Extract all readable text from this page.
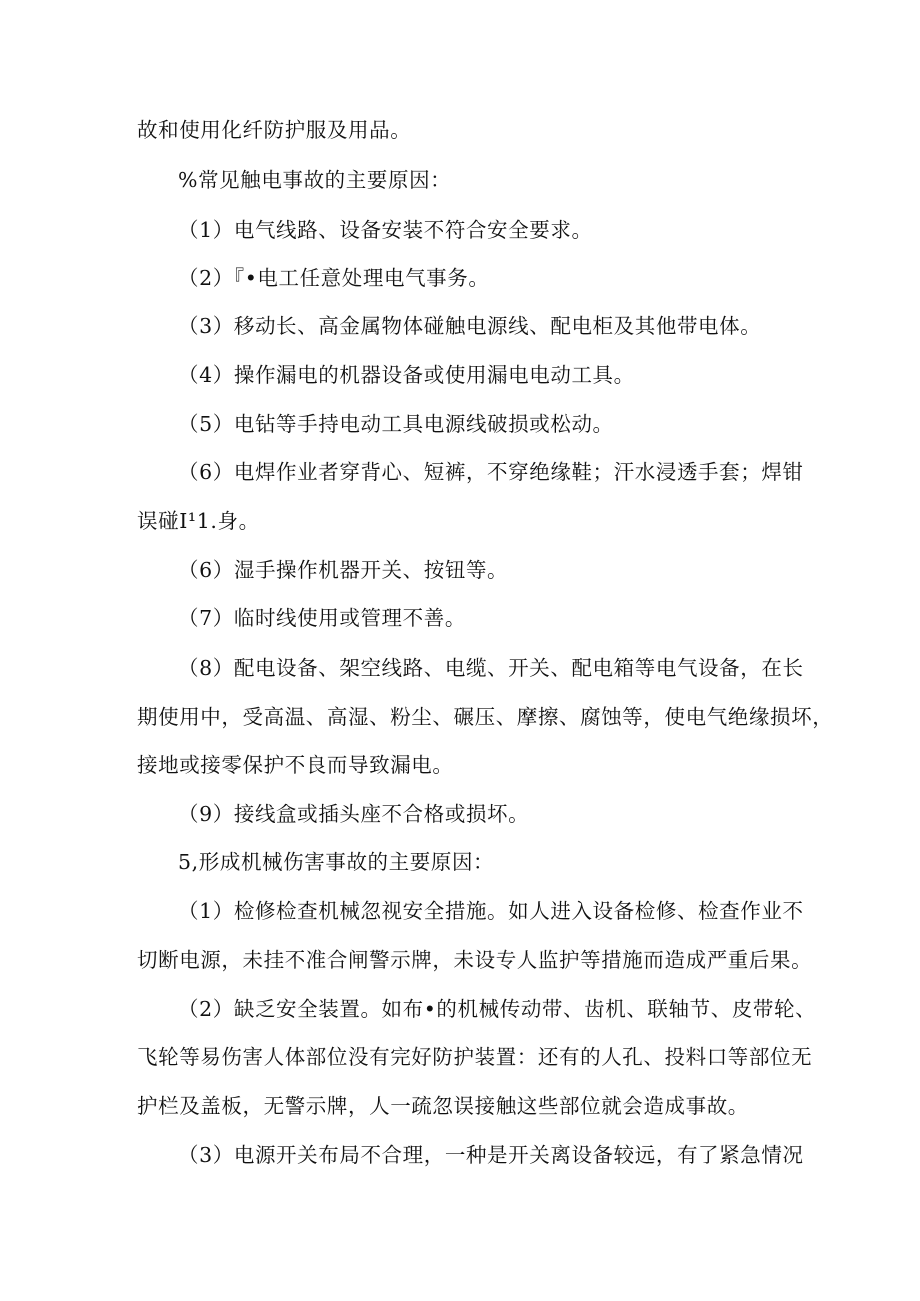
故和使用化纤防护服及用品。
%常见触电事故的主要原因：
（1）电气线路、设备安装不符合安全要求。
（2）『•电工任意处理电气事务。
（3）移动长、高金属物体碰触电源线、配电柜及其他带电体。
（4）操作漏电的机器设备或使用漏电电动工具。
（5）电钻等手持电动工具电源线破损或松动。
（6）电焊作业者穿背心、短裤，不穿绝缘鞋；汗水浸透手套；焊钳
误碰I¹1.身。
（6）湿手操作机器开关、按钮等。
（7）临时线使用或管理不善。
（8）配电设备、架空线路、电缆、开关、配电箱等电气设备，在长
期使用中，受高温、高湿、粉尘、碾压、摩擦、腐蚀等，使电气绝缘损坏，
接地或接零保护不良而导致漏电。
（9）接线盒或插头座不合格或损坏。
5,形成机械伤害事故的主要原因：
（1）检修检查机械忽视安全措施。如人进入设备检修、检查作业不
切断电源，未挂不准合闸警示牌，未设专人监护等措施而造成严重后果。
（2）缺乏安全装置。如布•的机械传动带、齿机、联轴节、皮带轮、
飞轮等易伤害人体部位没有完好防护装置：还有的人孔、投料口等部位无
护栏及盖板，无警示牌，人一疏忽误接触这些部位就会造成事故。
（3）电源开关布局不合理，一种是开关离设备较远，有了紧急情况
